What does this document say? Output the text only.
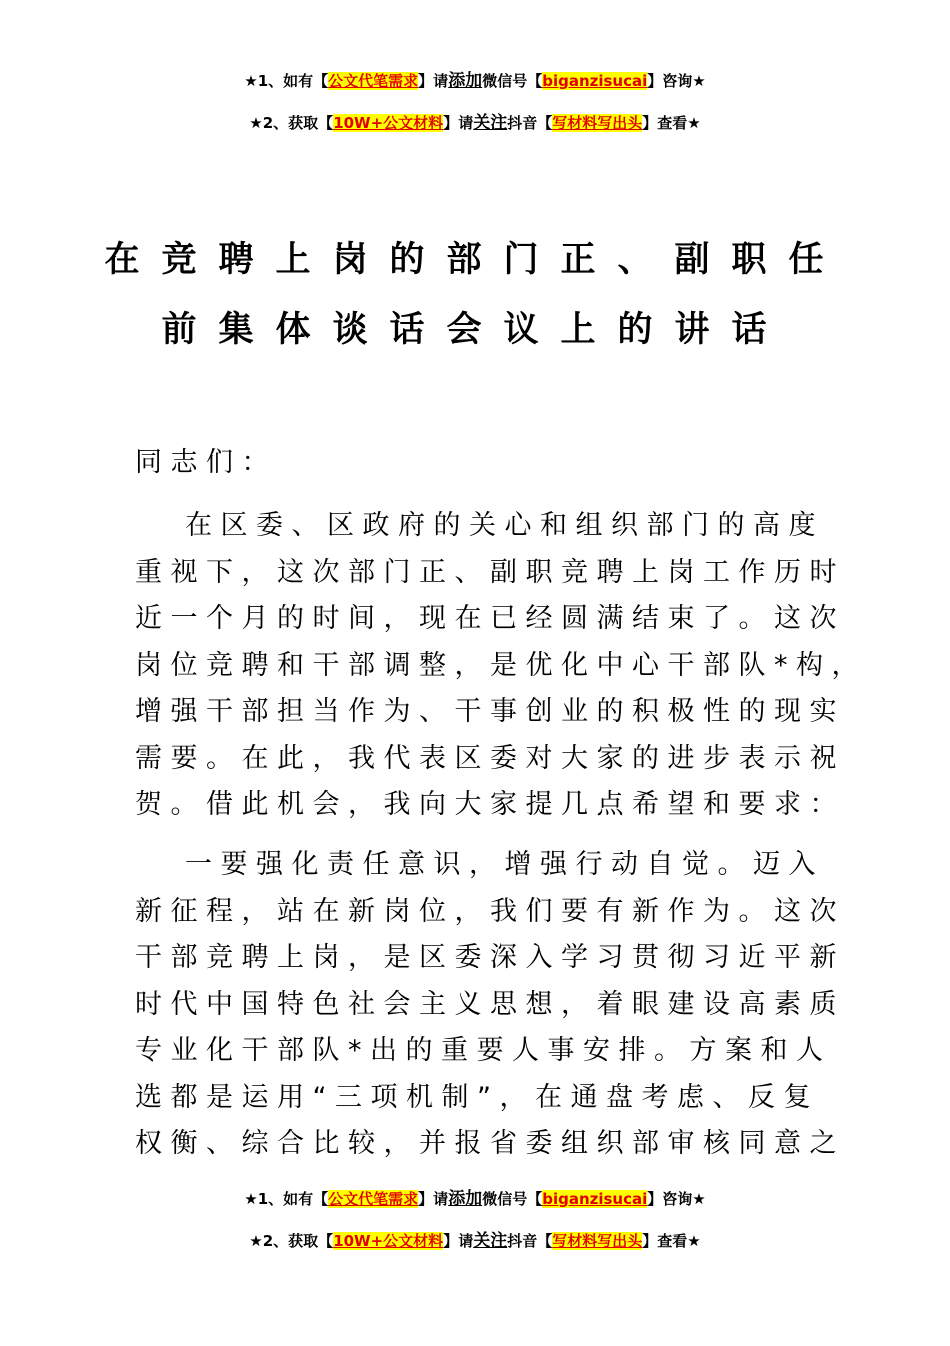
★1、如有【公文代笔需求】请添加微信号【biganzisucai】咨询★
★2、获取【10W+公文材料】请关注抖音【写材料写出头】查看★
在竞聘上岗的部门正、副职任
前集体谈话会议上的讲话
同志们：
在区委、区政府的关心和组织部门的高度
重视下，这次部门正、副职竞聘上岗工作历时
近一个月的时间，现在已经圆满结束了。这次
岗位竞聘和干部调整，是优化中心干部队*构，
增强干部担当作为、干事创业的积极性的现实
需要。在此，我代表区委对大家的进步表示祝
贺。借此机会，我向大家提几点希望和要求：
一要强化责任意识，增强行动自觉。迈入
新征程，站在新岗位，我们要有新作为。这次
干部竞聘上岗，是区委深入学习贯彻习近平新
时代中国特色社会主义思想，着眼建设高素质
专业化干部队*出的重要人事安排。方案和人
选都是运用“三项机制”，在通盘考虑、反复
权衡、综合比较，并报省委组织部审核同意之
★1、如有【公文代笔需求】请添加微信号【biganzisucai】咨询★
★2、获取【10W+公文材料】请关注抖音【写材料写出头】查看★
